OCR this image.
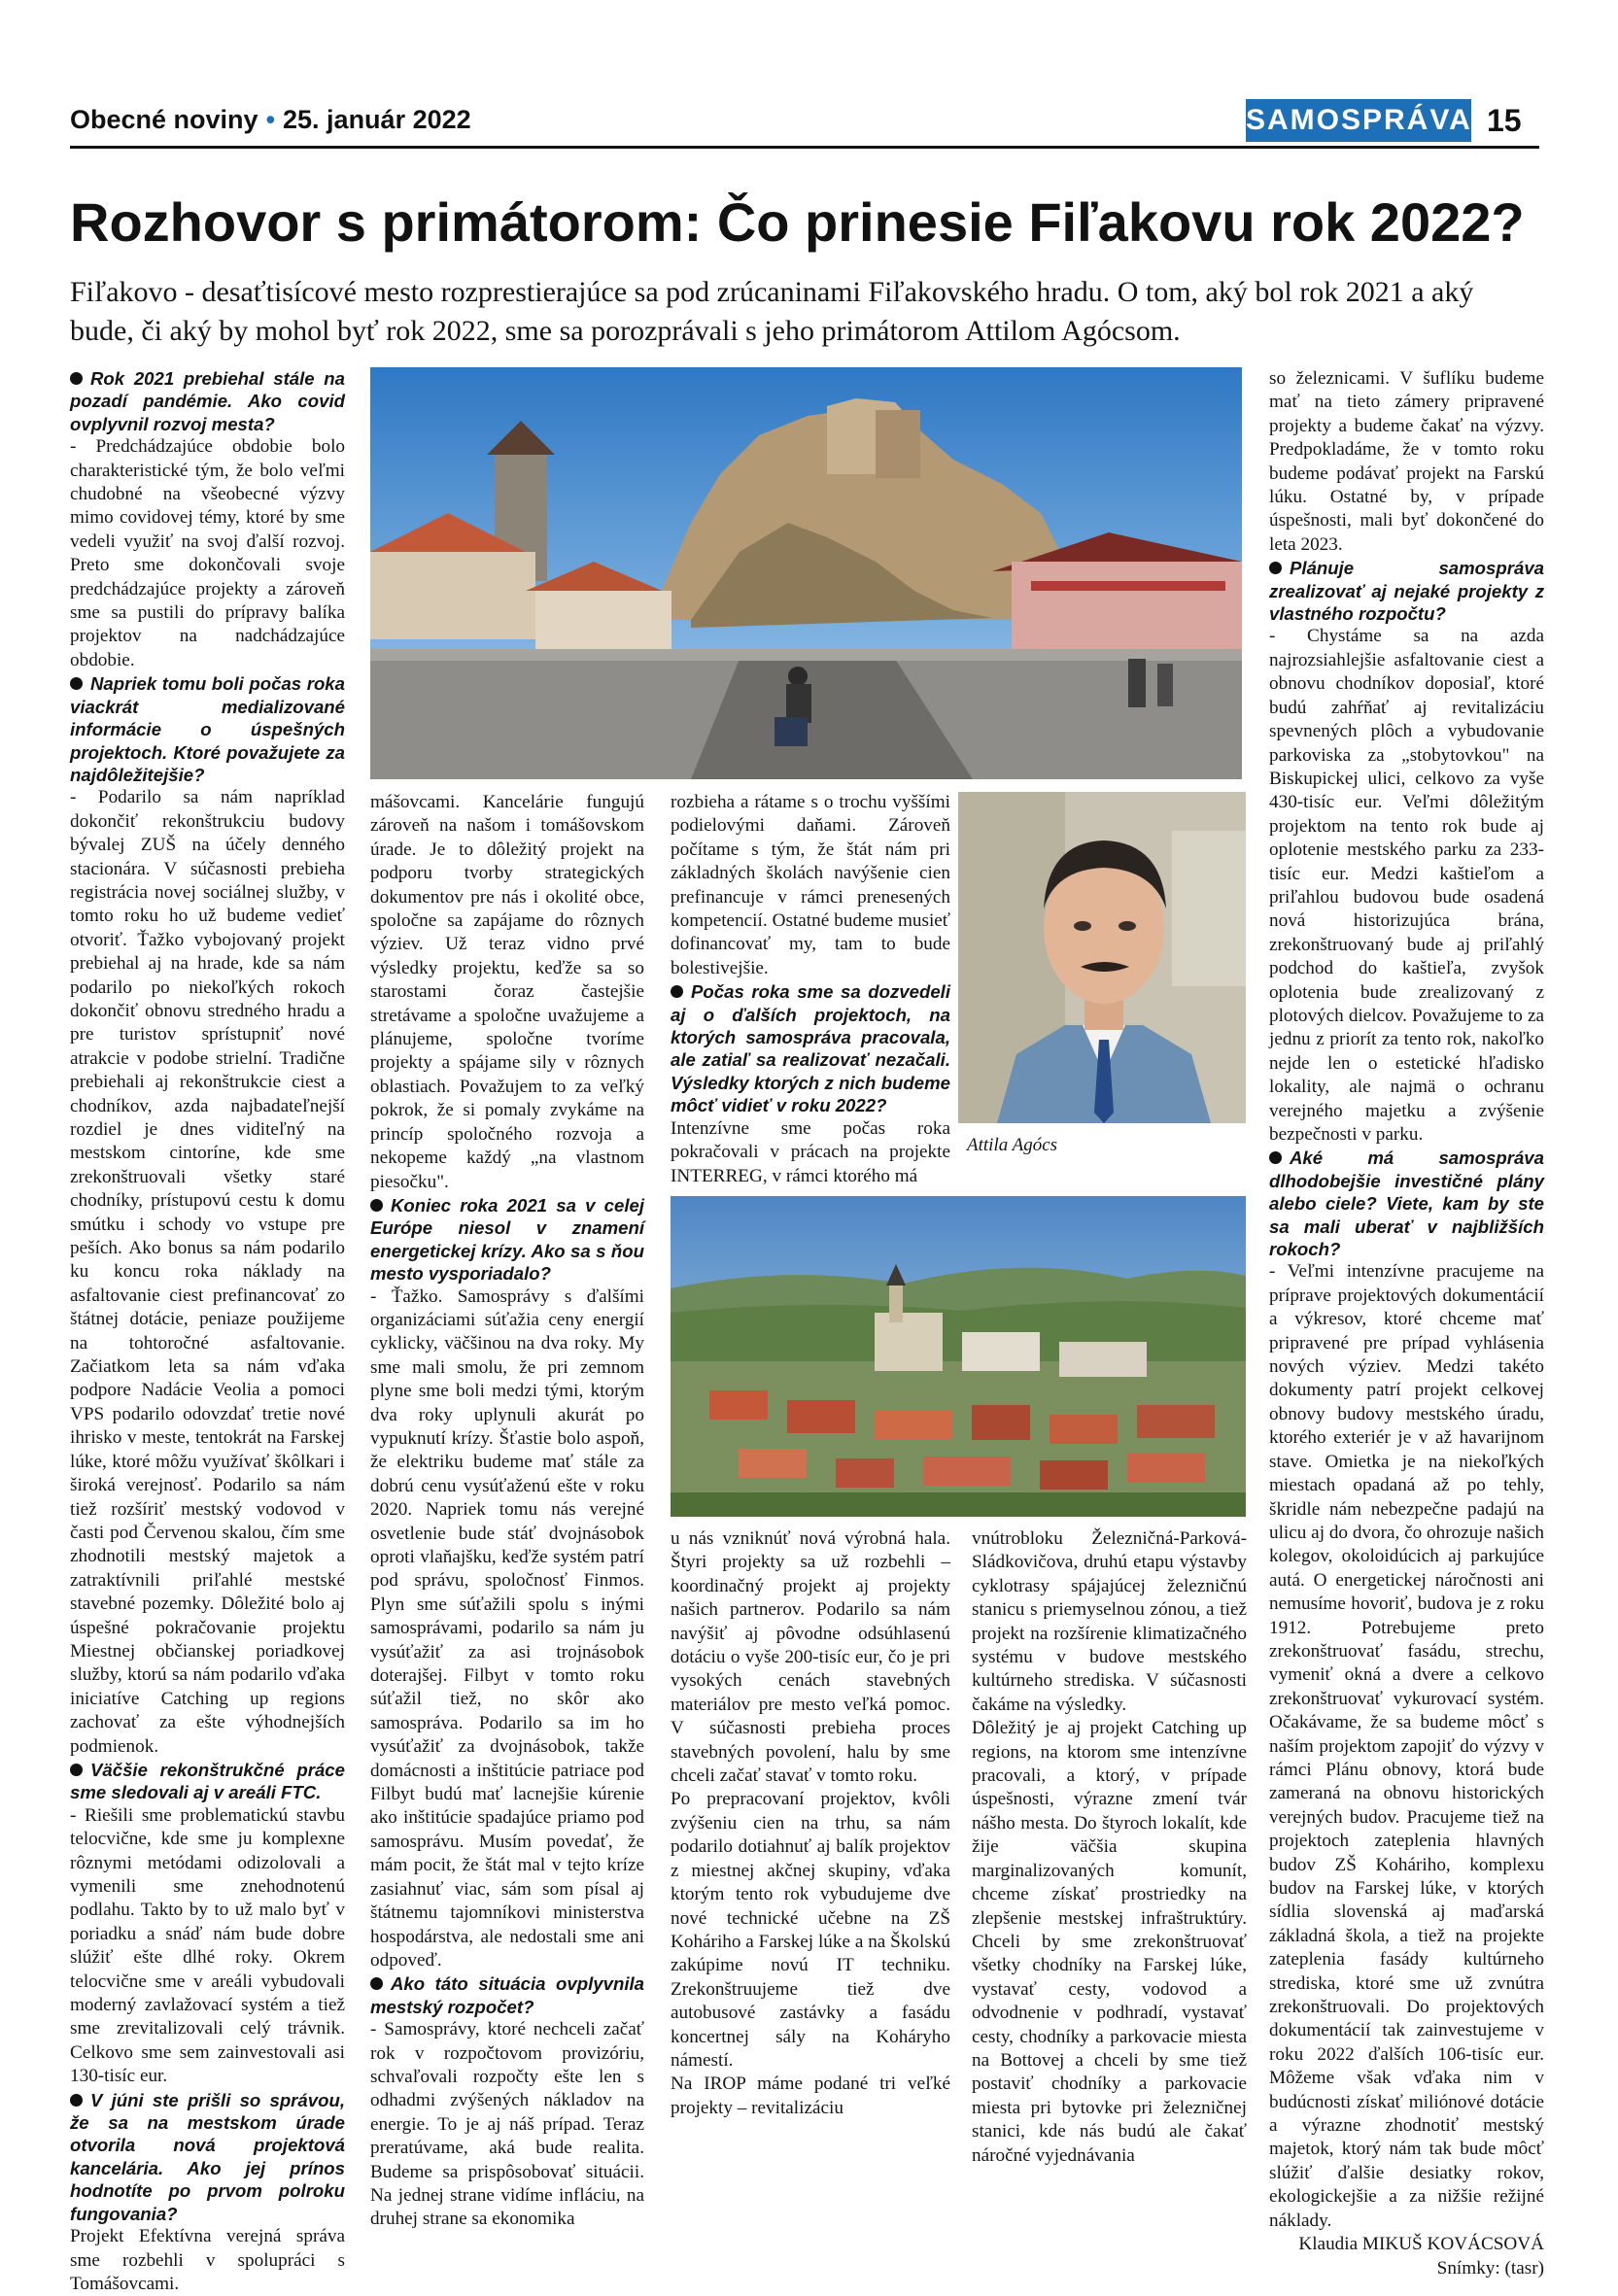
Obecné noviny • 25. január 2022	SAMOSPRÁVA 15
Rozhovor s primátorom: Čo prinesie Fiľakovu rok 2022?

Fiľakovo - desaťtisícové mesto rozprestierajúce sa pod zrúcaninami Fiľakovského hradu. O tom, aký bol rok 2021 a aký bude, či aký by mohol byť rok 2022, sme sa porozprávali s jeho primátorom Attilom Agócsom.

Rok 2021 prebiehal stále na pozadí pandémie. Ako covid ovplyvnil rozvoj mesta?

- Predchádzajúce obdobie bolo charakteristické tým, že bolo veľmi chudobné na všeobecné výzvy mimo covidovej témy, ktoré by sme vedeli využiť na svoj ďalší rozvoj. Preto sme dokončovali svoje predchádzajúce projekty a zároveň sme sa pustili do prípravy balíka projektov na nadchádzajúce obdobie.

Napriek tomu boli počas roka viackrát medializované informácie o úspešných projektoch. Ktoré považujete za najdôležitejšie?

- Podarilo sa nám napríklad dokončiť rekonštrukciu budovy bývalej ZUŠ na účely denného stacionára. V súčasnosti prebieha registrácia novej sociálnej služby, v tomto roku ho už budeme vedieť otvoriť. Ťažko vybojovaný projekt prebiehal aj na hrade, kde sa nám podarilo po niekoľkých rokoch dokončiť obnovu stredného hradu a pre turistov sprístupniť nové atrakcie v podobe strielní. Tradične prebiehali aj rekonštrukcie ciest a chodníkov, azda najbadateľnejší rozdiel je dnes viditeľný na mestskom cintoríne, kde sme zrekonštruovali všetky staré chodníky, prístupovú cestu k domu smútku i schody vo vstupe pre peších. Ako bonus sa nám podarilo ku koncu roka náklady na asfaltovanie ciest prefinancovať zo štátnej dotácie, peniaze použijeme na tohtoročné asfaltovanie. Začiatkom leta sa nám vďaka podpore Nadácie Veolia a pomoci VPS podarilo odovzdať tretie nové ihrisko v meste, tentokrát na Farskej lúke, ktoré môžu využívať škôlkari i široká verejnosť. Podarilo sa nám tiež rozšíriť mestský vodovod v časti pod Červenou skalou, čím sme zhodnotili mestský majetok a zatraktívnili priľahlé mestské stavebné pozemky. Dôležité bolo aj úspešné pokračovanie projektu Miestnej občianskej poriadkovej služby, ktorú sa nám podarilo vďaka iniciatíve Catching up regions zachovať za ešte výhodnejších podmienok.

Väčšie rekonštrukčné práce sme sledovali aj v areáli FTC.

- Riešili sme problematickú stavbu telocvične, kde sme ju komplexne rôznymi metódami odizolovali a vymenili sme znehodnotenú podlahu. Takto by to už malo byť v poriadku a snáď nám bude dobre slúžiť ešte dlhé roky. Okrem telocvične sme v areáli vybudovali moderný zavlažovací systém a tiež sme zrevitalizovali celý trávnik. Celkovo sme sem zainvestovali asi 130-tisíc eur.

V júni ste prišli so správou, že sa na mestskom úrade otvorila nová projektová kancelária. Ako jej prínos hodnotíte po prvom polroku fungovania?

Projekt Efektívna verejná správa sme rozbehli v spolupráci s Tomášovcami.

mášovcami. Kancelárie fungujú zároveň na našom i tomášovskom úrade. Je to dôležitý projekt na podporu tvorby strategických dokumentov pre nás i okolité obce, spoločne sa zapájame do rôznych výziev. Už teraz vidno prvé výsledky projektu, keďže sa so starostami čoraz častejšie stretávame a spoločne uvažujeme a plánujeme, spoločne tvoríme projekty a spájame sily v rôznych oblastiach. Považujem to za veľký pokrok, že si pomaly zvykáme na princíp spoločného rozvoja a nekopeme každý „na vlastnom piesočku".

Koniec roka 2021 sa v celej Európe niesol v znamení energetickej krízy. Ako sa s ňou mesto vysporiadalo?

- Ťažko. Samosprávy s ďalšími organizáciami súťažia ceny energií cyklicky, väčšinou na dva roky. My sme mali smolu, že pri zemnom plyne sme boli medzi tými, ktorým dva roky uplynuli akurát po vypuknutí krízy. Šťastie bolo aspoň, že elektriku budeme mať stále za dobrú cenu vysúťaženú ešte v roku 2020. Napriek tomu nás verejné osvetlenie bude stáť dvojnásobok oproti vlaňajšku, keďže systém patrí pod správu, spoločnosť Finmos. Plyn sme súťažili spolu s inými samosprávami, podarilo sa nám ju vysúťažiť za asi trojnásobok doterajšej. Filbyt v tomto roku súťažil tiež, no skôr ako samospráva. Podarilo sa im ho vysúťažiť za dvojnásobok, takže domácnosti a inštitúcie patriace pod Filbyt budú mať lacnejšie kúrenie ako inštitúcie spadajúce priamo pod samosprávu. Musím povedať, že mám pocit, že štát mal v tejto kríze zasiahnuť viac, sám som písal aj štátnemu tajomníkovi ministerstva hospodárstva, ale nedostali sme ani odpoveď.

Ako táto situácia ovplyvnila mestský rozpočet?

- Samosprávy, ktoré nechceli začať rok v rozpočtovom provizóriu, schvaľovali rozpočty ešte len s odhadmi zvýšených nákladov na energie. To je aj náš prípad. Teraz preratúvame, aká bude realita. Budeme sa prispôsobovať situácii. Na jednej strane vidíme infláciu, na druhej strane sa ekonomika

rozbieha a rátame s o trochu vyššími podielovými daňami. Zároveň počítame s tým, že štát nám pri základných školách navýšenie cien prefinancuje v rámci prenesených kompetencií. Ostatné budeme musieť dofinancovať my, tam to bude bolestivejšie.

Počas roka sme sa dozvedeli aj o ďalších projektoch, na ktorých samospráva pracovala, ale zatiaľ sa realizovať nezačali. Výsledky ktorých z nich budeme môcť vidieť v roku 2022?

Intenzívne sme počas roka pokračovali v prácach na projekte INTERREG, v rámci ktorého má

u nás vzniknúť nová výrobná hala. Štyri projekty sa už rozbehli – koordinačný projekt aj projekty našich partnerov. Podarilo sa nám navýšiť aj pôvodne odsúhlasenú dotáciu o vyše 200-tisíc eur, čo je pri vysokých cenách stavebných materiálov pre mesto veľká pomoc. V súčasnosti prebieha proces stavebných povolení, halu by sme chceli začať stavať v tomto roku.

Po prepracovaní projektov, kvôli zvýšeniu cien na trhu, sa nám podarilo dotiahnuť aj balík projektov z miestnej akčnej skupiny, vďaka ktorým tento rok vybudujeme dve nové technické učebne na ZŠ Koháriho a Farskej lúke a na Školskú zakúpime novú IT techniku. Zrekonštruujeme tiež dve autobusové zastávky a fasádu koncertnej sály na Koháryho námestí.

Na IROP máme podané tri veľké projekty – revitalizáciu

vnútrobloku Železničná-Parková-Sládkovičova, druhú etapu výstavby cyklotrasy spájajúcej železničnú stanicu s priemyselnou zónou, a tiež projekt na rozšírenie klimatizačného systému v budove mestského kultúrneho strediska. V súčasnosti čakáme na výsledky.

Dôležitý je aj projekt Catching up regions, na ktorom sme intenzívne pracovali, a ktorý, v prípade úspešnosti, výrazne zmení tvár nášho mesta. Do štyroch lokalít, kde žije väčšia skupina marginalizovaných komunít, chceme získať prostriedky na zlepšenie mestskej infraštruktúry. Chceli by sme zrekonštruovať všetky chodníky na Farskej lúke, vystavať cesty, vodovod a odvodnenie v podhradí, vystavať cesty, chodníky a parkovacie miesta na Bottovej a chceli by sme tiež postaviť chodníky a parkovacie miesta pri bytovke pri železničnej stanici, kde nás budú ale čakať náročné vyjednávania

so železnicami. V šuflíku budeme mať na tieto zámery pripravené projekty a budeme čakať na výzvy. Predpokladáme, že v tomto roku budeme podávať projekt na Farskú lúku. Ostatné by, v prípade úspešnosti, mali byť dokončené do leta 2023.

Plánuje samospráva zrealizovať aj nejaké projekty z vlastného rozpočtu?

- Chystáme sa na azda najrozsiahlejšie asfaltovanie ciest a obnovu chodníkov doposiaľ, ktoré budú zahŕňať aj revitalizáciu spevnených plôch a vybudovanie parkoviska za „stobytovkou" na Biskupickej ulici, celkovo za vyše 430-tisíc eur. Veľmi dôležitým projektom na tento rok bude aj oplotenie mestského parku za 233-tisíc eur. Medzi kaštieľom a priľahlou budovou bude osadená nová historizujúca brána, zrekonštruovaný bude aj priľahlý podchod do kaštieľa, zvyšok oplotenia bude zrealizovaný z plotových dielcov. Považujeme to za jednu z priorít za tento rok, nakoľko nejde len o estetické hľadisko lokality, ale najmä o ochranu verejného majetku a zvýšenie bezpečnosti v parku.

Aké má samospráva dlhodobejšie investičné plány alebo ciele? Viete, kam by ste sa mali uberať v najbližších rokoch?

- Veľmi intenzívne pracujeme na príprave projektových dokumentácií a výkresov, ktoré chceme mať pripravené pre prípad vyhlásenia nových výziev. Medzi takéto dokumenty patrí projekt celkovej obnovy budovy mestského úradu, ktorého exteriér je v až havarijnom stave. Omietka je na niekoľkých miestach opadaná až po tehly, škridle nám nebezpečne padajú na ulicu aj do dvora, čo ohrozuje našich kolegov, okoloidúcich aj parkujúce autá. O energetickej náročnosti ani nemusíme hovoriť, budova je z roku 1912. Potrebujeme preto zrekonštruovať fasádu, strechu, vymeniť okná a dvere a celkovo zrekonštruovať vykurovací systém. Očakávame, že sa budeme môcť s naším projektom zapojiť do výzvy v rámci Plánu obnovy, ktorá bude zameraná na obnovu historických verejných budov. Pracujeme tiež na projektoch zateplenia hlavných budov ZŠ Koháriho, komplexu budov na Farskej lúke, v ktorých sídlia slovenská aj maďarská základná škola, a tiež na projekte zateplenia fasády kultúrneho strediska, ktoré sme už zvnútra zrekonštruovali. Do projektových dokumentácií tak zainvestujeme v roku 2022 ďalších 106-tisíc eur. Môžeme však vďaka nim v budúcnosti získať miliónové dotácie a výrazne zhodnotiť mestský majetok, ktorý nám tak bude môcť slúžiť ďalšie desiatky rokov, ekologickejšie a za nižšie režijné náklady.

Klaudia MIKUŠ KOVÁCSOVÁ

Snímky: (tasr)

Attila Agócs
